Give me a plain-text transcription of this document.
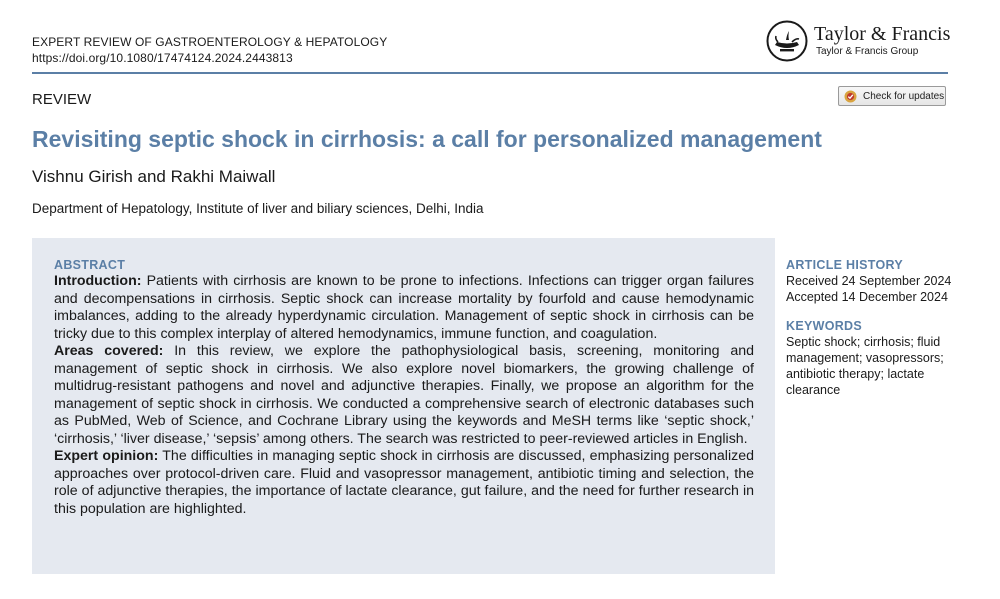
EXPERT REVIEW OF GASTROENTEROLOGY & HEPATOLOGY
https://doi.org/10.1080/17474124.2024.2443813
Taylor & Francis
Taylor & Francis Group
REVIEW	Check for updates
Revisiting septic shock in cirrhosis: a call for personalized management
Vishnu Girish and Rakhi Maiwall
Department of Hepatology, Institute of liver and biliary sciences, Delhi, India
ABSTRACT

Introduction: Patients with cirrhosis are known to be prone to infections. Infections can trigger organ failures and decompensations in cirrhosis. Septic shock can increase mortality by fourfold and cause hemodynamic imbalances, adding to the already hyperdynamic circulation. Management of septic shock in cirrhosis can be tricky due to this complex interplay of altered hemodynamics, immune function, and coagulation.

Areas covered: In this review, we explore the pathophysiological basis, screening, monitoring and management of septic shock in cirrhosis. We also explore novel biomarkers, the growing challenge of multidrug-resistant pathogens and novel and adjunctive therapies. Finally, we propose an algorithm for the management of septic shock in cirrhosis. We conducted a comprehensive search of electronic databases such as PubMed, Web of Science, and Cochrane Library using the keywords and MeSH terms like ‘septic shock,’ ‘cirrhosis,’ ‘liver disease,’ ‘sepsis’ among others. The search was restricted to peer-reviewed articles in English.

Expert opinion: The difficulties in managing septic shock in cirrhosis are discussed, emphasizing personalized approaches over protocol-driven care. Fluid and vasopressor management, antibiotic timing and selection, the role of adjunctive therapies, the importance of lactate clearance, gut failure, and the need for further research in this population are highlighted.

ARTICLE HISTORY
Received 24 September 2024
Accepted 14 December 2024
KEYWORDS
Septic shock; cirrhosis; fluid management; vasopressors; antibiotic therapy; lactate clearance
